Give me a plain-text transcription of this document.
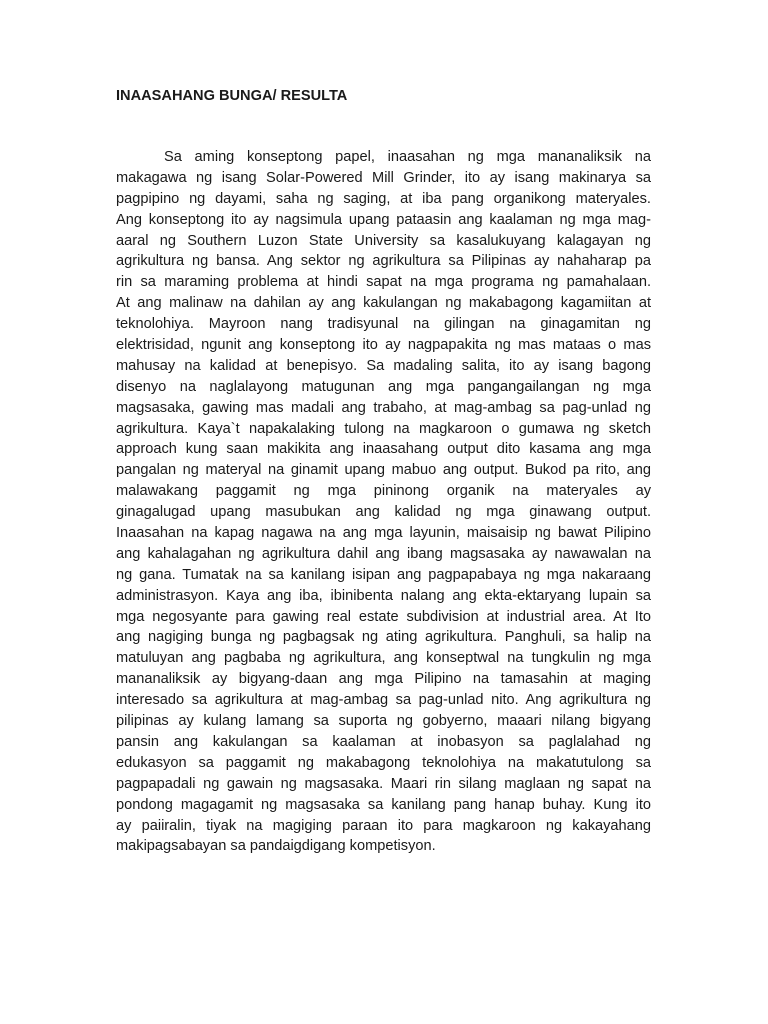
INAASAHANG BUNGA/ RESULTA
Sa aming konseptong papel, inaasahan ng mga mananaliksik na
makagawa ng isang Solar-Powered Mill Grinder, ito ay isang makinarya sa
pagpipino ng dayami, saha ng saging, at iba pang organikong materyales.
Ang konseptong ito ay nagsimula upang pataasin ang kaalaman ng mga mag-
aaral ng Southern Luzon State University sa kasalukuyang kalagayan ng
agrikultura ng bansa. Ang sektor ng agrikultura sa Pilipinas ay nahaharap pa
rin sa maraming problema at hindi sapat na mga programa ng pamahalaan.
At ang malinaw na dahilan ay ang kakulangan ng makabagong kagamiitan at
teknolohiya. Mayroon nang tradisyunal na gilingan na ginagamitan ng
elektrisidad, ngunit ang konseptong ito ay nagpapakita ng mas mataas o mas
mahusay na kalidad at benepisyo. Sa madaling salita, ito ay isang bagong
disenyo na naglalayong matugunan ang mga pangangailangan ng mga
magsasaka, gawing mas madali ang trabaho, at mag-ambag sa pag-unlad ng
agrikultura. Kaya`t napakalaking tulong na magkaroon o gumawa ng sketch
approach kung saan makikita ang inaasahang output dito kasama ang mga
pangalan ng materyal na ginamit upang mabuo ang output. Bukod pa rito, ang
malawakang paggamit ng mga pininong organik na materyales ay
ginagalugad upang masubukan ang kalidad ng mga ginawang output.
Inaasahan na kapag nagawa na ang mga layunin, maisaisip ng bawat Pilipino
ang kahalagahan ng agrikultura dahil ang ibang magsasaka ay nawawalan na
ng gana. Tumatak na sa kanilang isipan ang pagpapabaya ng mga nakaraang
administrasyon. Kaya ang iba, ibinibenta nalang ang ekta-ektaryang lupain sa
mga negosyante para gawing real estate subdivision at industrial area. At Ito
ang nagiging bunga ng pagbagsak ng ating agrikultura. Panghuli, sa halip na
matuluyan ang pagbaba ng agrikultura, ang konseptwal na tungkulin ng mga
mananaliksik ay bigyang-daan ang mga Pilipino na tamasahin at maging
interesado sa agrikultura at mag-ambag sa pag-unlad nito. Ang agrikultura ng
pilipinas ay kulang lamang sa suporta ng gobyerno, maaari nilang bigyang
pansin ang kakulangan sa kaalaman at inobasyon sa paglalahad ng
edukasyon sa paggamit ng makabagong teknolohiya na makatutulong sa
pagpapadali ng gawain ng magsasaka. Maari rin silang maglaan ng sapat na
pondong magagamit ng magsasaka sa kanilang pang hanap buhay. Kung ito
ay paiiralin, tiyak na magiging paraan ito para magkaroon ng kakayahang
makipagsabayan sa pandaigdigang kompetisyon.
